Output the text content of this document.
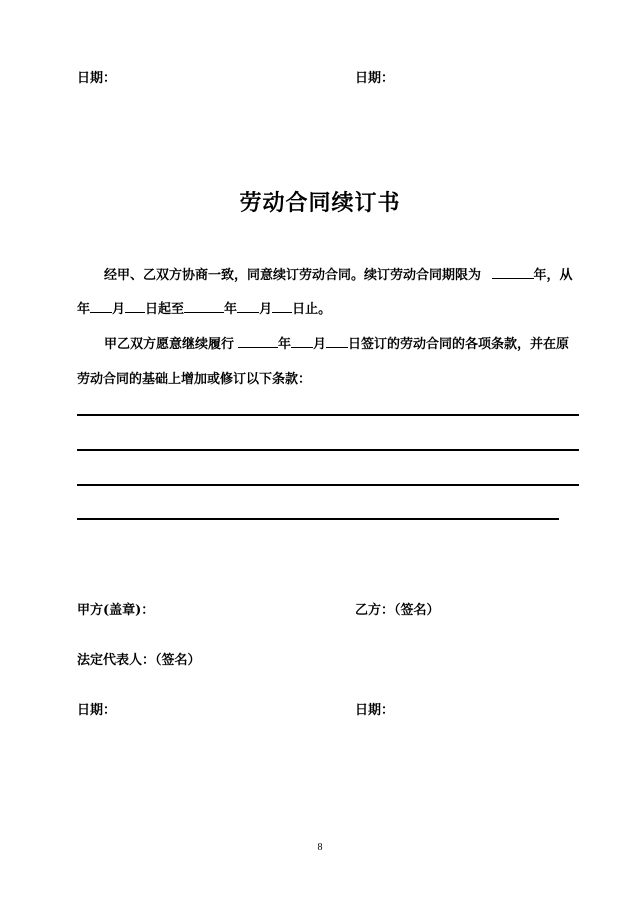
日期：	日期：
劳动合同续订书
经甲、乙双方协商一致，同意续订劳动合同。续订劳动合同期限为	年，从
年 月 日起至	年 月 日止。
甲乙双方愿意继续履行	年 月 日签订的劳动合同的各项条款，并在原
劳动合同的基础上增加或修订以下条款：
甲方(盖章)：	乙方：（签名）
法定代表人：（签名）
日期：	日期：
8
